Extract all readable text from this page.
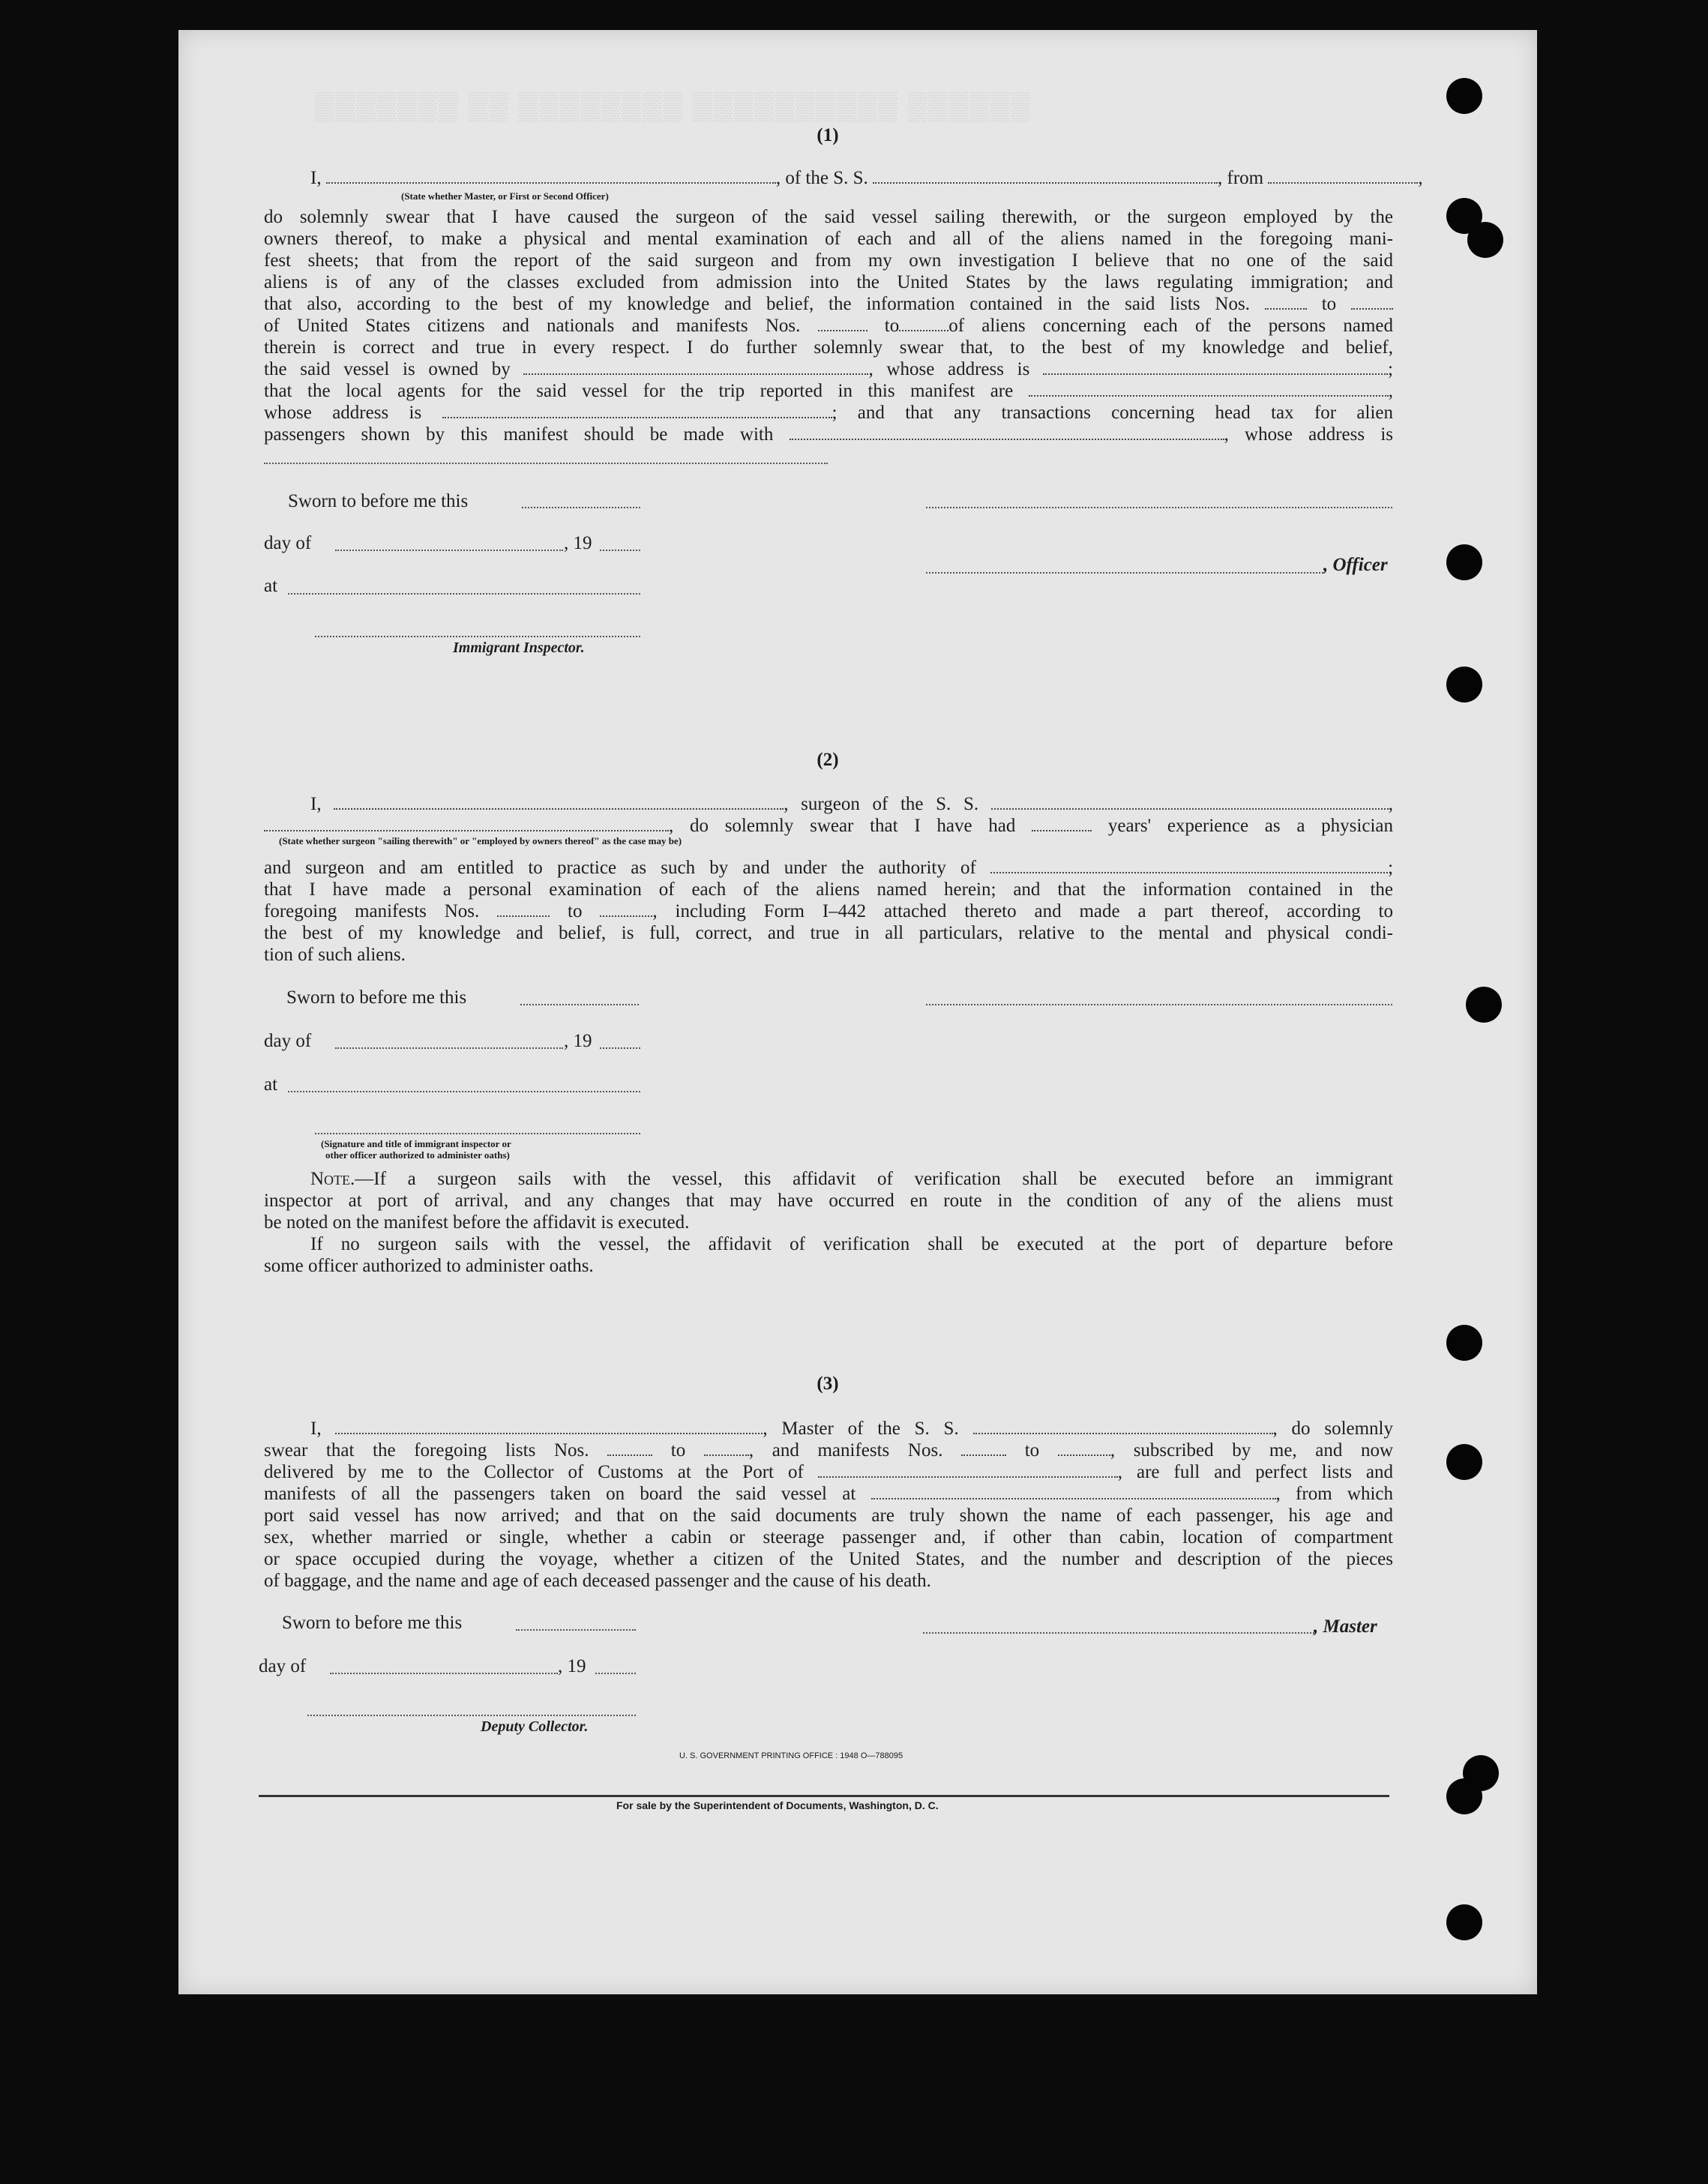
▒▒▒▒▒▒▒ ▒▒ ▒▒▒▒▒▒▒▒ ▒▒▒▒▒▒▒▒▒▒ ▒▒▒▒▒▒
(1)
I,	, of the S. S.	, from	,
(State whether Master, or First or Second Officer)
do solemnly swear that I have caused the surgeon of the said vessel sailing therewith, or the surgeon employed by the
owners thereof, to make a physical and mental examination of each and all of the aliens named in the foregoing mani-
fest sheets; that from the report of the said surgeon and from my own investigation I believe that no one of the said
aliens is of any of the classes excluded from admission into the United States by the laws regulating immigration; and
that also, according to the best of my knowledge and belief, the information contained in the said lists Nos.	to
of United States citizens and nationals and manifests Nos.	to	of aliens concerning each of the persons named
therein is correct and true in every respect. I do further solemnly swear that, to the best of my knowledge and belief,
the said vessel is owned by	, whose address is	;
that the local agents for the said vessel for the trip reported in this manifest are	,
whose address is	; and that any transactions concerning head tax for alien
passengers shown by this manifest should be made with	, whose address is
Sworn to before me this
day of	, 19
, Officer
at
Immigrant Inspector.
(2)
I,	, surgeon of the S. S.	,
, do solemnly swear that I have had	years' experience as a physician
(State whether surgeon "sailing therewith" or "employed by owners thereof" as the case may be)
and surgeon and am entitled to practice as such by and under the authority of	;
that I have made a personal examination of each of the aliens named herein; and that the information contained in the
foregoing manifests Nos.	to	, including Form I–442 attached thereto and made a part thereof, according to
the best of my knowledge and belief, is full, correct, and true in all particulars, relative to the mental and physical condi-
tion of such aliens.
Sworn to before me this
day of	, 19
at
(Signature and title of immigrant inspector or
other officer authorized to administer oaths)
Note.—If a surgeon sails with the vessel, this affidavit of verification shall be executed before an immigrant
inspector at port of arrival, and any changes that may have occurred en route in the condition of any of the aliens must
be noted on the manifest before the affidavit is executed.
If no surgeon sails with the vessel, the affidavit of verification shall be executed at the port of departure before
some officer authorized to administer oaths.
(3)
I,	, Master of the S. S.	, do solemnly
swear that the foregoing lists Nos.	to	, and manifests Nos.	to	, subscribed by me, and now
delivered by me to the Collector of Customs at the Port of	, are full and perfect lists and
manifests of all the passengers taken on board the said vessel at	, from which
port said vessel has now arrived; and that on the said documents are truly shown the name of each passenger, his age and
sex, whether married or single, whether a cabin or steerage passenger and, if other than cabin, location of compartment
or space occupied during the voyage, whether a citizen of the United States, and the number and description of the pieces
of baggage, and the name and age of each deceased passenger and the cause of his death.
Sworn to before me this	, Master
day of	, 19
Deputy Collector.
U. S. GOVERNMENT PRINTING OFFICE : 1948 O—788095
For sale by the Superintendent of Documents, Washington, D. C.
